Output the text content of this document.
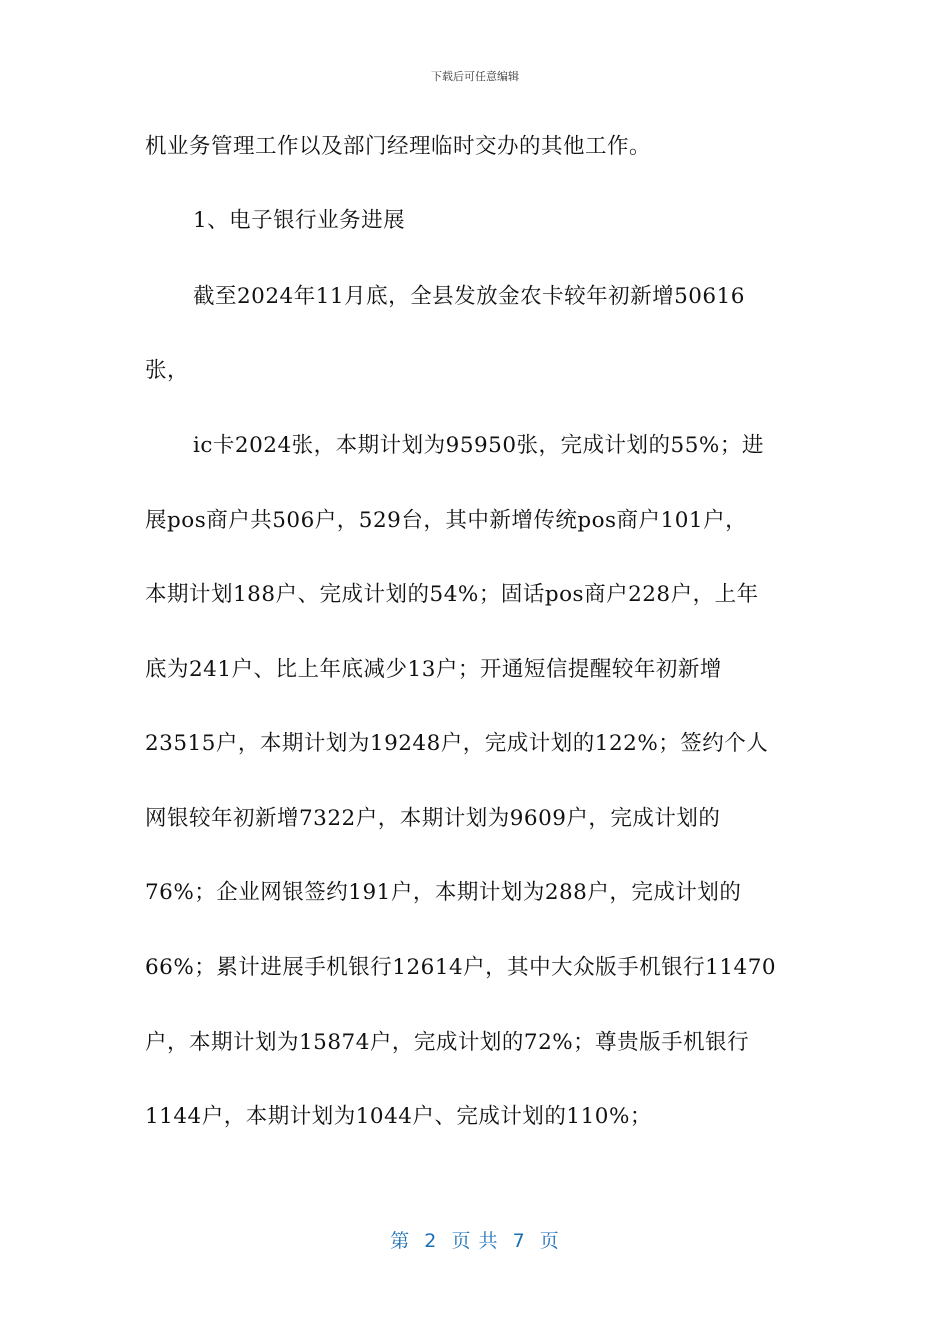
下载后可任意编辑
机业务管理工作以及部门经理临时交办的其他工作。
1、电子银行业务进展
截至2024年11月底，全县发放金农卡较年初新增50616
张，
ic卡2024张，本期计划为95950张，完成计划的55%；进
展pos商户共506户，529台，其中新增传统pos商户101户，
本期计划188户、完成计划的54%；固话pos商户228户，上年
底为241户、比上年底减少13户；开通短信提醒较年初新增
23515户，本期计划为19248户，完成计划的122%；签约个人
网银较年初新增7322户，本期计划为9609户，完成计划的
76%；企业网银签约191户，本期计划为288户，完成计划的
66%；累计进展手机银行12614户，其中大众版手机银行11470
户，本期计划为15874户，完成计划的72%；尊贵版手机银行
1144户，本期计划为1044户、完成计划的110%；
第  2  页 共  7  页
